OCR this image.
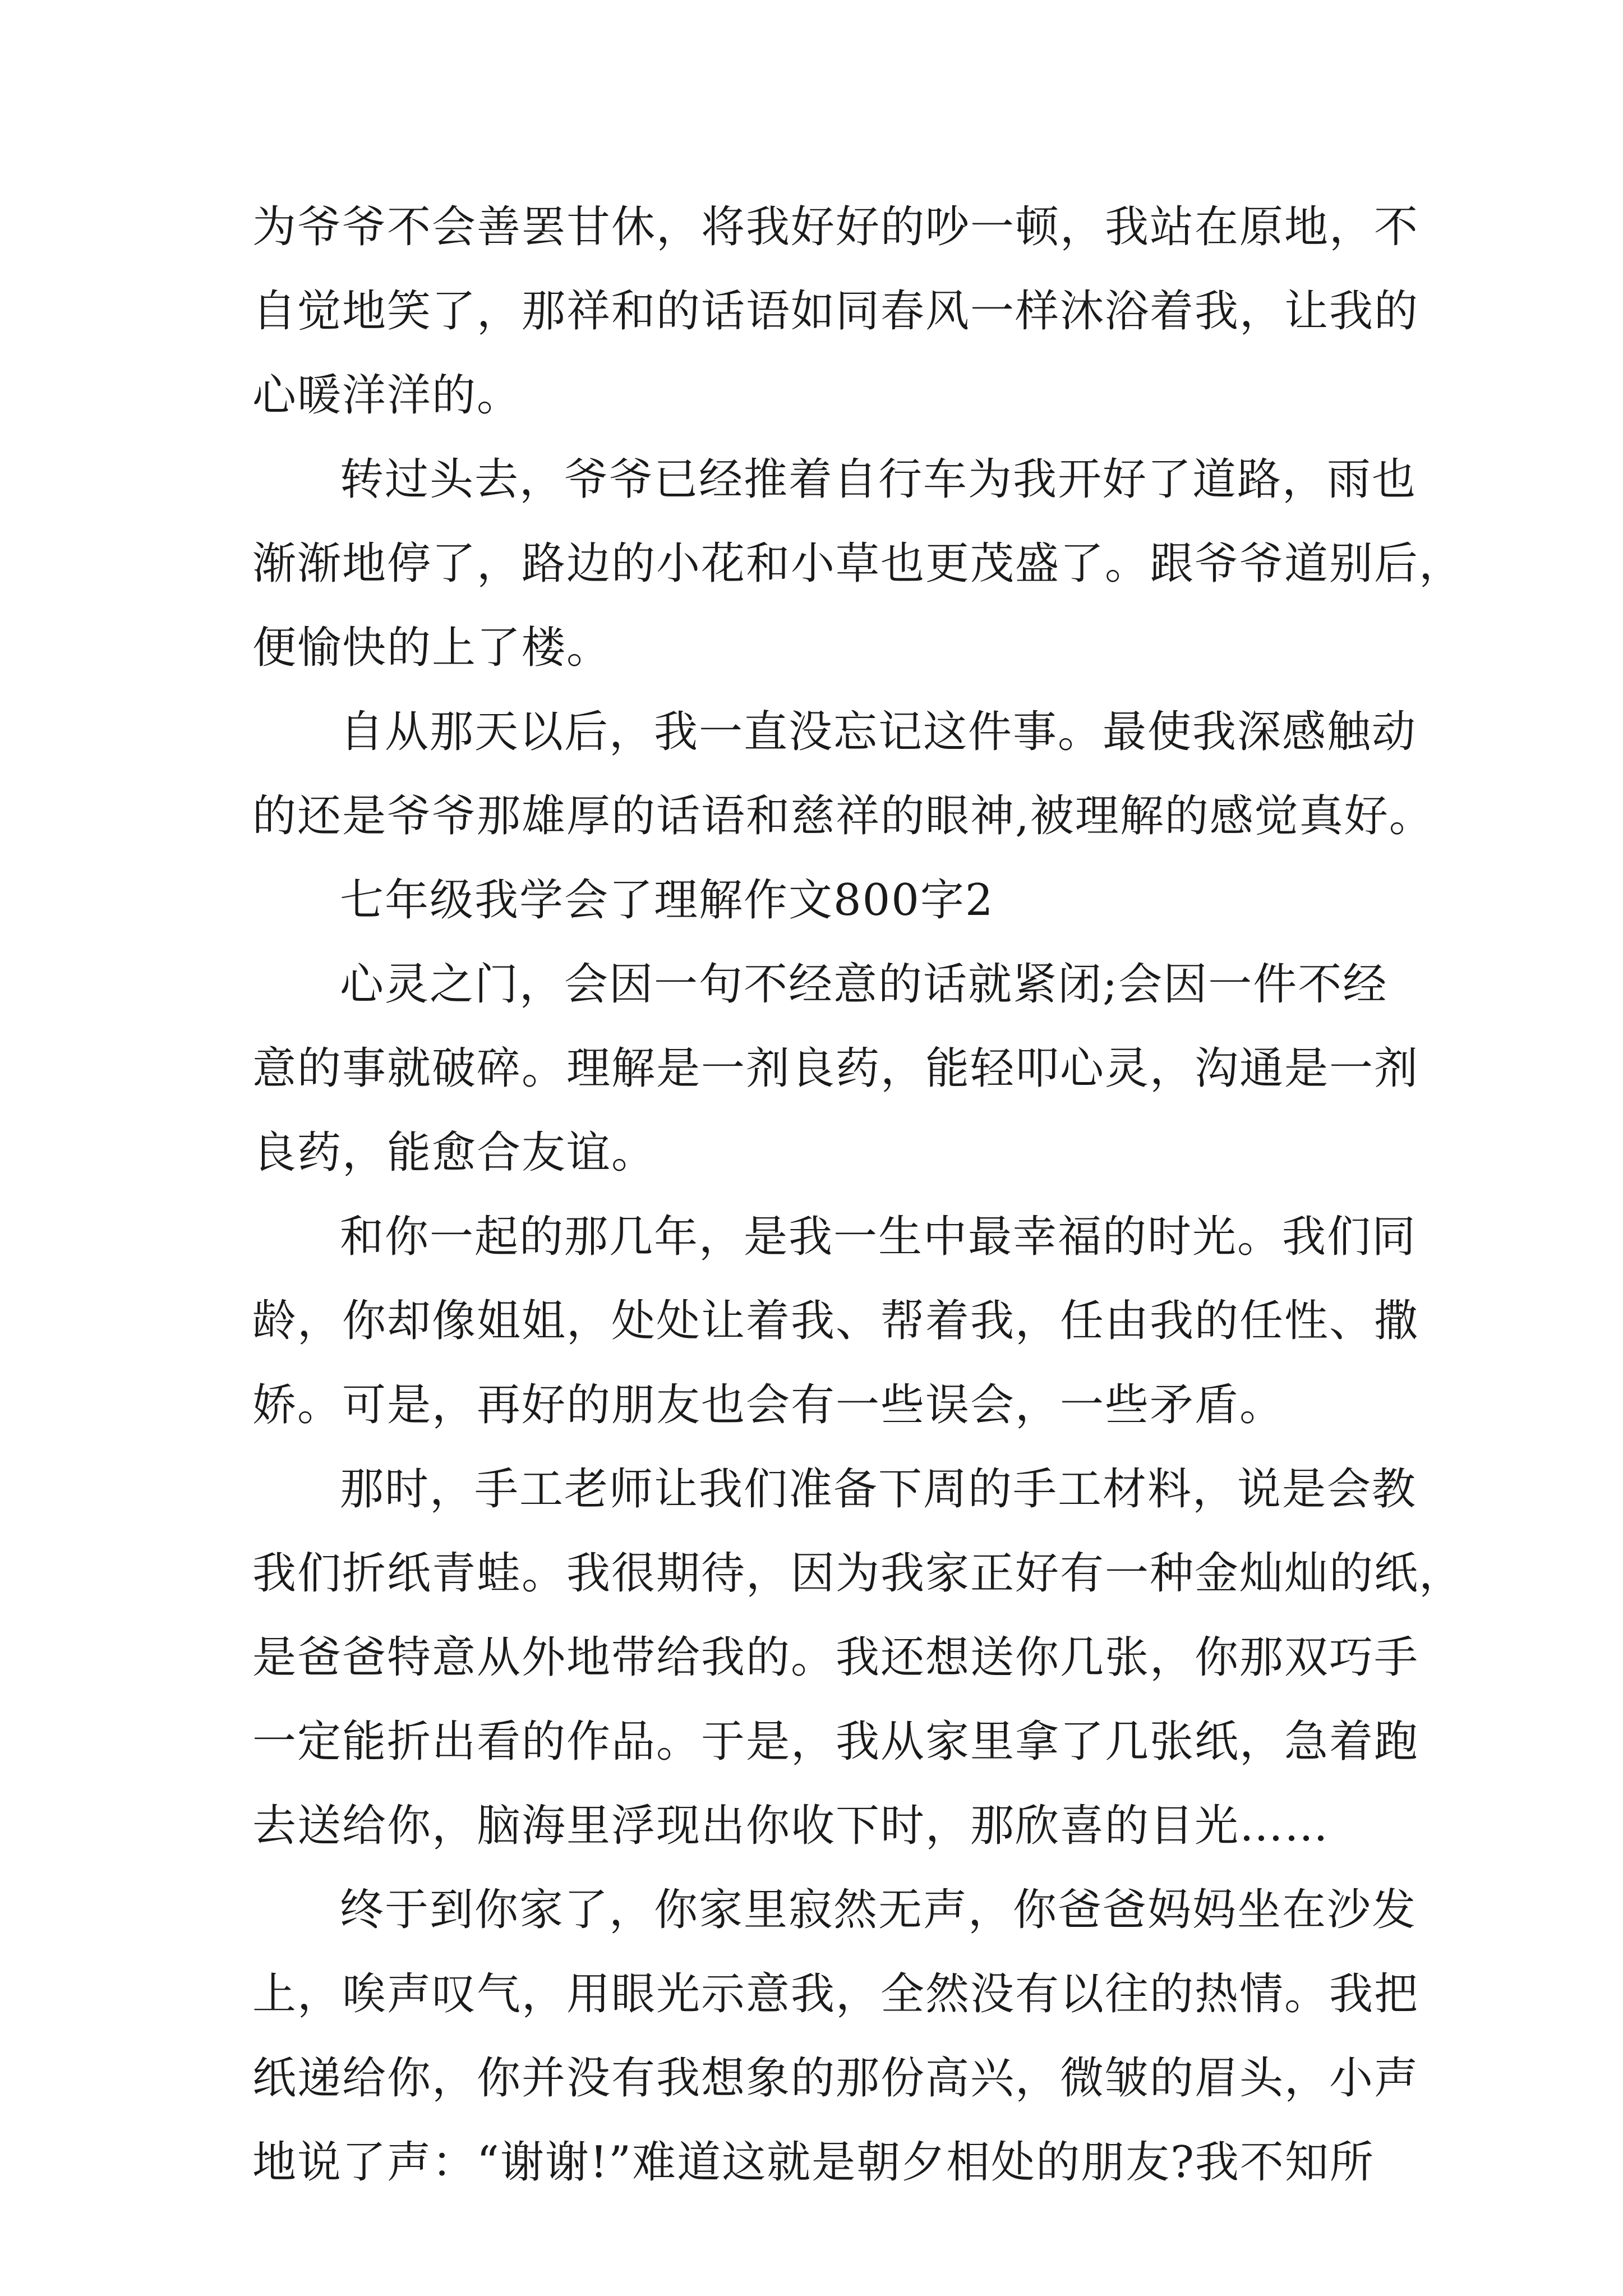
为爷爷不会善罢甘休，将我好好的吵一顿，我站在原地，不
自觉地笑了，那祥和的话语如同春风一样沐浴着我，让我的
心暖洋洋的。
转过头去，爷爷已经推着自行车为我开好了道路，雨也
渐渐地停了，路边的小花和小草也更茂盛了。跟爷爷道别后，
便愉快的上了楼。
自从那天以后，我一直没忘记这件事。最使我深感触动
的还是爷爷那雄厚的话语和慈祥的眼神,被理解的感觉真好。
七年级我学会了理解作文800字2
心灵之门，会因一句不经意的话就紧闭;会因一件不经
意的事就破碎。理解是一剂良药，能轻叩心灵，沟通是一剂
良药，能愈合友谊。
和你一起的那几年，是我一生中最幸福的时光。我们同
龄，你却像姐姐，处处让着我、帮着我，任由我的任性、撒
娇。可是，再好的朋友也会有一些误会，一些矛盾。
那时，手工老师让我们准备下周的手工材料，说是会教
我们折纸青蛙。我很期待，因为我家正好有一种金灿灿的纸，
是爸爸特意从外地带给我的。我还想送你几张，你那双巧手
一定能折出看的作品。于是，我从家里拿了几张纸，急着跑
去送给你，脑海里浮现出你收下时，那欣喜的目光……
终于到你家了，你家里寂然无声，你爸爸妈妈坐在沙发
上，唉声叹气，用眼光示意我，全然没有以往的热情。我把
纸递给你，你并没有我想象的那份高兴，微皱的眉头，小声
地说了声：“谢谢!”难道这就是朝夕相处的朋友?我不知所
